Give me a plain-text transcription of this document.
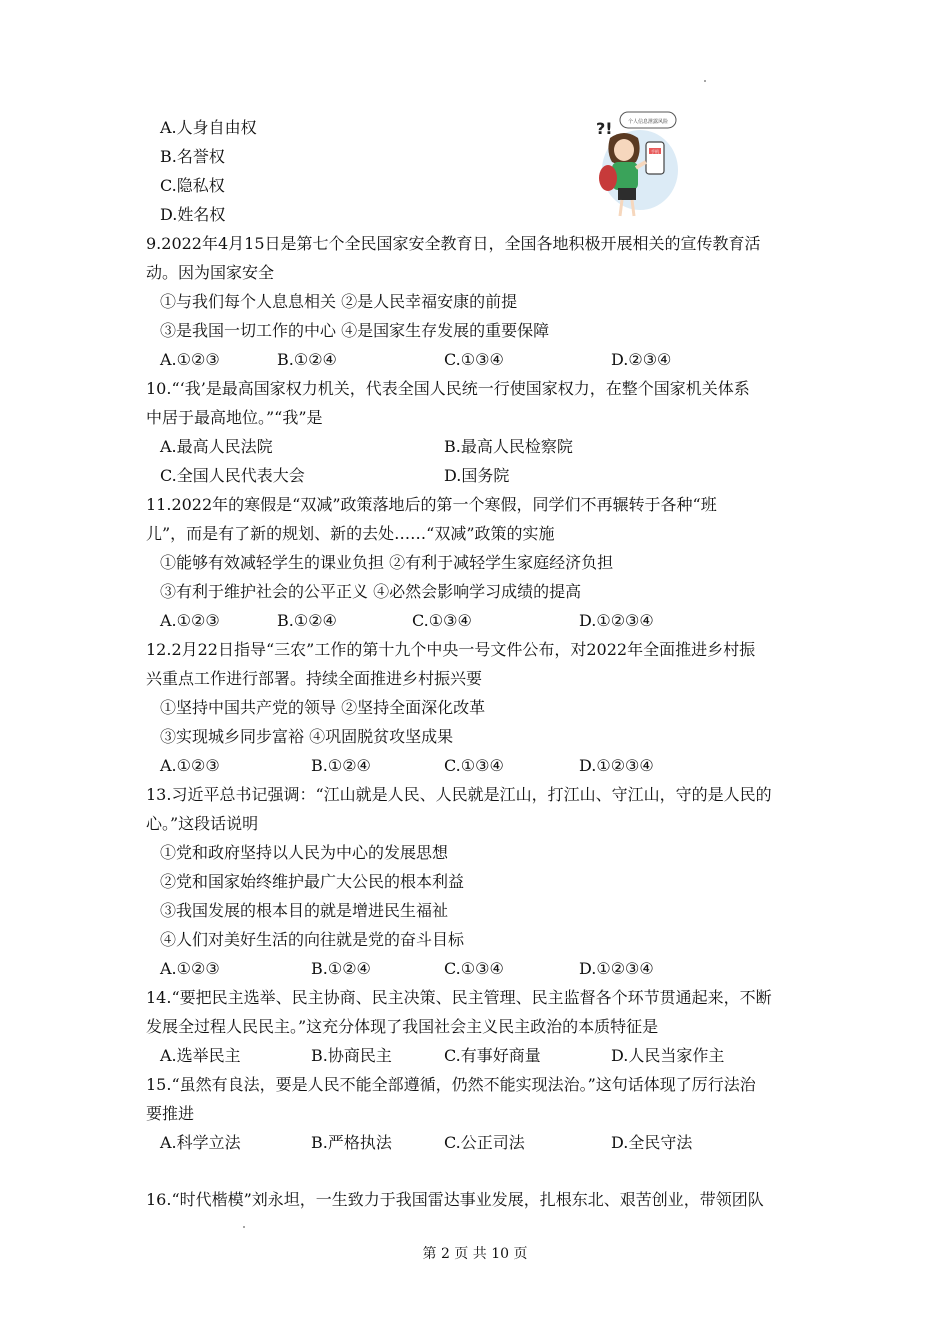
A.人身自由权
B.名誉权
C.隐私权
D.姓名权
个人信息泄露风险
?!
手机
9.2022年4月15日是第七个全民国家安全教育日，全国各地积极开展相关的宣传教育活
动。因为国家安全
①与我们每个人息息相关 ②是人民幸福安康的前提
③是我国一切工作的中心 ④是国家生存发展的重要保障
A.①②③	B.①②④	C.①③④	D.②③④
10.“‘我’是最高国家权力机关，代表全国人民统一行使国家权力，在整个国家机关体系
中居于最高地位。”“我”是
A.最高人民法院	B.最高人民检察院
C.全国人民代表大会	D.国务院
11.2022年的寒假是“双减”政策落地后的第一个寒假，同学们不再辗转于各种“班
儿”，而是有了新的规划、新的去处……“双减”政策的实施
①能够有效减轻学生的课业负担 ②有利于减轻学生家庭经济负担
③有利于维护社会的公平正义 ④必然会影响学习成绩的提高
A.①②③	B.①②④	C.①③④	D.①②③④
12.2月22日指导“三农”工作的第十九个中央一号文件公布，对2022年全面推进乡村振
兴重点工作进行部署。持续全面推进乡村振兴要
①坚持中国共产党的领导 ②坚持全面深化改革
③实现城乡同步富裕 ④巩固脱贫攻坚成果
A.①②③	B.①②④	C.①③④	D.①②③④
13.习近平总书记强调：“江山就是人民、人民就是江山，打江山、守江山，守的是人民的
心。”这段话说明
①党和政府坚持以人民为中心的发展思想
②党和国家始终维护最广大公民的根本利益
③我国发展的根本目的就是增进民生福祉
④人们对美好生活的向往就是党的奋斗目标
A.①②③	B.①②④	C.①③④	D.①②③④
14.“要把民主选举、民主协商、民主决策、民主管理、民主监督各个环节贯通起来，不断
发展全过程人民民主。”这充分体现了我国社会主义民主政治的本质特征是
A.选举民主	B.协商民主	C.有事好商量	D.人民当家作主
15.“虽然有良法，要是人民不能全部遵循，仍然不能实现法治。”这句话体现了厉行法治
要推进
A.科学立法	B.严格执法	C.公正司法	D.全民守法
16.“时代楷模”刘永坦，一生致力于我国雷达事业发展，扎根东北、艰苦创业，带领团队
第 2 页 共 10 页
